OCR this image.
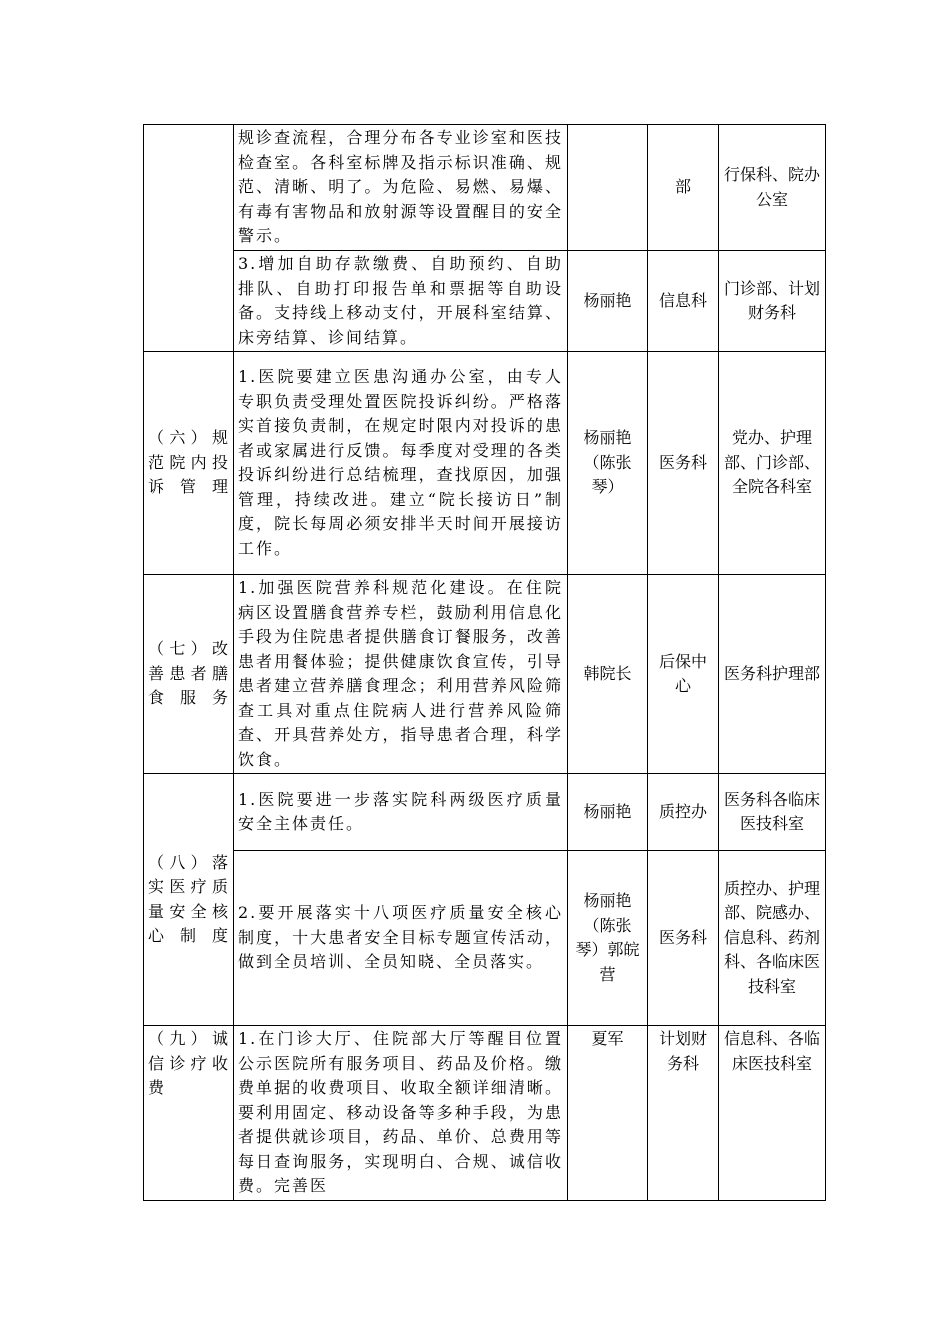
	规诊查流程，合理分布各专业诊室和医技检查室。各科室标牌及指示标识准确、规范、清晰、明了。为危险、易燃、易爆、有毒有害物品和放射源等设置醒目的安全警示。		部	行保科、院办公室
	3.增加自助存款缴费、自助预约、自助排队、自助打印报告单和票据等自助设备。支持线上移动支付，开展科室结算、床旁结算、诊间结算。	杨丽艳	信息科	门诊部、计划财务科
（六）规范院内投诉管理	1.医院要建立医患沟通办公室，由专人专职负责受理处置医院投诉纠纷。严格落实首接负责制，在规定时限内对投诉的患者或家属进行反馈。每季度对受理的各类投诉纠纷进行总结梳理，查找原因，加强管理，持续改进。建立“院长接访日”制度，院长每周必须安排半天时间开展接访工作。	杨丽艳（陈张琴）	医务科	党办、护理部、门诊部、全院各科室
（七）改善患者膳食服务	1.加强医院营养科规范化建设。在住院病区设置膳食营养专栏，鼓励利用信息化手段为住院患者提供膳食订餐服务，改善患者用餐体验；提供健康饮食宣传，引导患者建立营养膳食理念；利用营养风险筛查工具对重点住院病人进行营养风险筛查、开具营养处方，指导患者合理，科学饮食。	韩院长	后保中心	医务科护理部
（八）落实医疗质量安全核心制度	1.医院要进一步落实院科两级医疗质量安全主体责任。	杨丽艳	质控办	医务科各临床医技科室
	2.要开展落实十八项医疗质量安全核心制度，十大患者安全目标专题宣传活动，做到全员培训、全员知晓、全员落实。	杨丽艳（陈张琴）郭皖营	医务科	质控办、护理部、院感办、信息科、药剂科、各临床医技科室
（九）诚信诊疗收费	1.在门诊大厅、住院部大厅等醒目位置公示医院所有服务项目、药品及价格。缴费单据的收费项目、收取全额详细清晰。要利用固定、移动设备等多种手段，为患者提供就诊项目，药品、单价、总费用等每日查询服务，实现明白、合规、诚信收费。完善医	夏军	计划财务科	信息科、各临床医技科室
